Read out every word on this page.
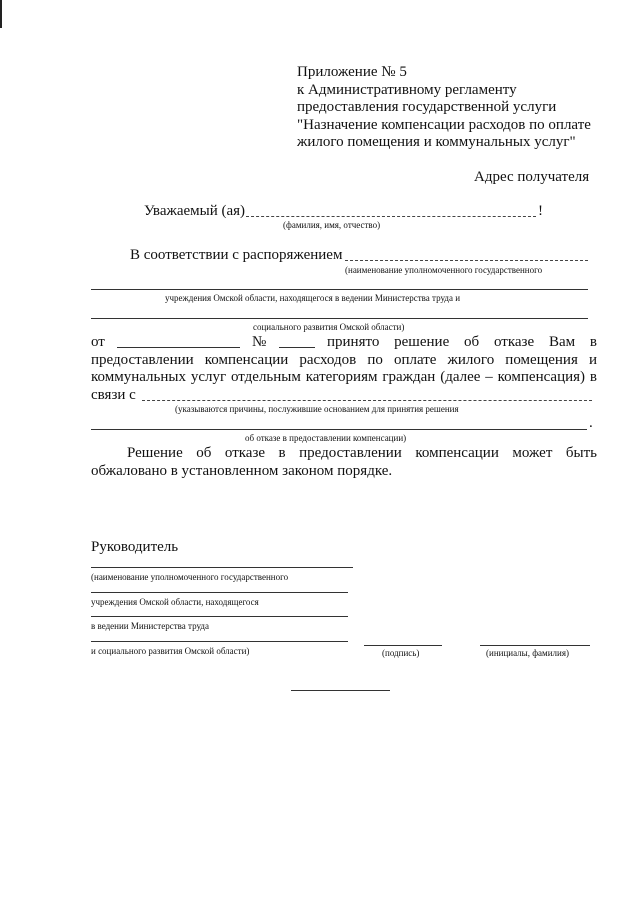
Приложение № 5
к Административному регламенту
предоставления государственной услуги
"Назначение компенсации расходов по оплате
жилого помещения и коммунальных услуг"
Адрес получателя
Уважаемый (ая)	!
(фамилия, имя, отчество)
В соответствии с распоряжением
(наименование уполномоченного государственного
учреждения Омской области, находящегося в ведении Министерства труда и
социального развития Омской области)
от	№	принято решение об отказе Вам в
предоставлении компенсации расходов по оплате жилого помещения и
коммунальных услуг отдельным категориям граждан (далее – компенсация) в
связи с
(указываются причины, послужившие основанием для принятия решения
.
об отказе в предоставлении компенсации)
Решение об отказе в предоставлении компенсации может быть
обжаловано в установленном законом порядке.
Руководитель
(наименование уполномоченного государственного
учреждения Омской области, находящегося
в ведении Министерства труда
и социального развития Омской области)	(подпись)	(инициалы, фамилия)
